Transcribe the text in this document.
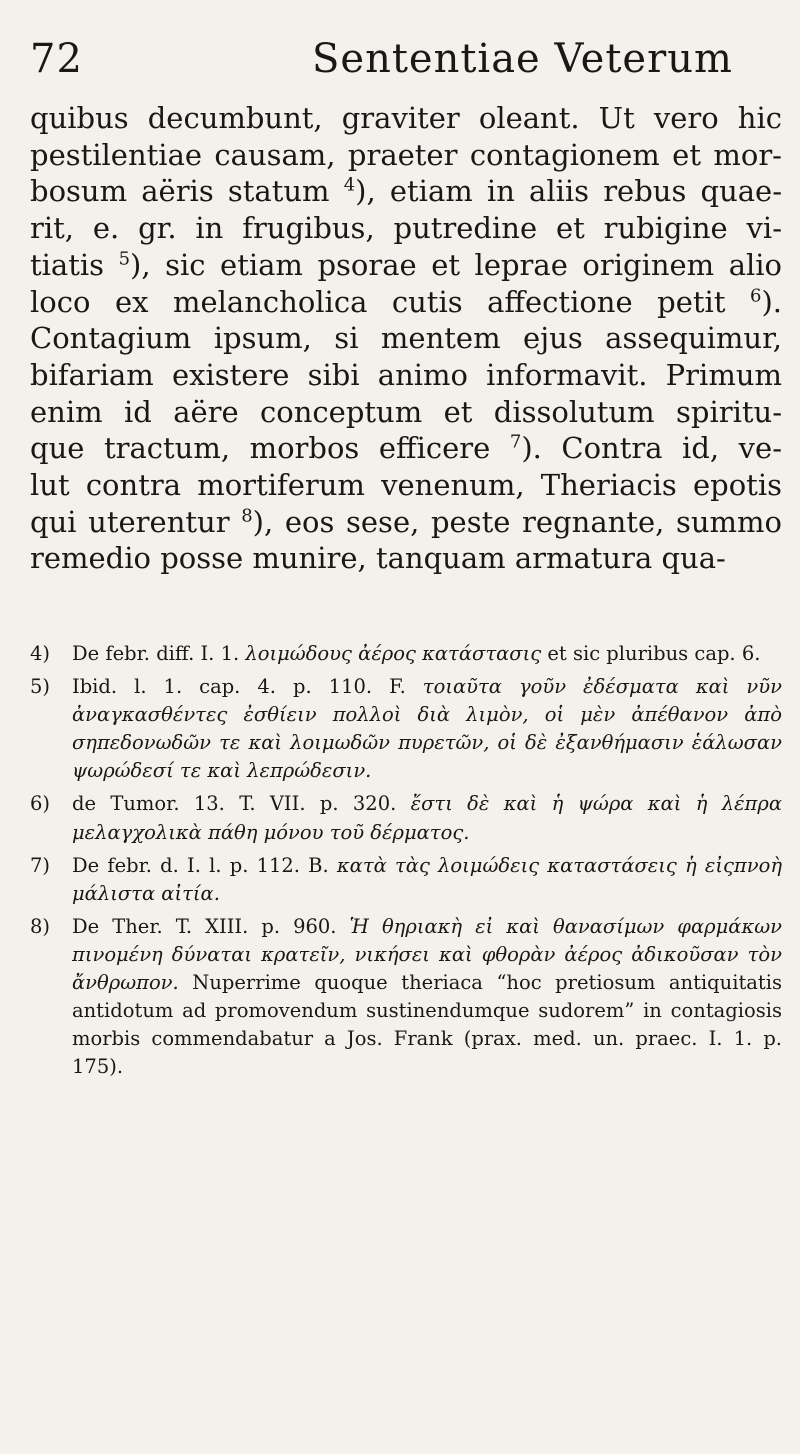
72	Sententiae Veterum
quibus decumbunt, graviter oleant. Ut vero hic
pestilentiae causam, praeter contagionem et mor-
bosum aëris statum $^4$), etiam in aliis rebus quae-
rit, e. gr. in frugibus, putredine et rubigine vi-
tiatis $^5$), sic etiam psorae et leprae originem alio
loco ex melancholica cutis affectione petit $^6$).
Contagium ipsum, si mentem ejus assequimur,
bifariam existere sibi animo informavit. Primum
enim id aëre conceptum et dissolutum spiritu-
que tractum, morbos efficere $^7$). Contra id, ve-
lut contra mortiferum venenum, Theriacis epotis
qui uterentur $^8$), eos sese, peste regnante, summo
remedio posse munire, tanquam armatura qua-
4) De febr. diff. I. 1. λοιμώδους ἀέρος κατάστασις et sic pluribus cap. 6.
5) Ibid. l. 1. cap. 4. p. 110. F. τοιαῦτα γοῦν ἐδέσματα καὶ νῦν ἀναγκασθέντες ἐσθίειν πολλοὶ διὰ λιμὸν, οἱ μὲν ἀπέθανον ἀπὸ σηπεδονωδῶν τε καὶ λοιμωδῶν πυρετῶν, οἱ δὲ ἐξανθήμασιν ἑάλωσαν ψωρώδεσί τε καὶ λεπρώδεσιν.
6) de Tumor. 13. T. VII. p. 320. ἔστι δὲ καὶ ἡ ψώρα καὶ ἡ λέπρα μελαγχολικὰ πάθη μόνου τοῦ δέρματος.
7) De febr. d. I. l. p. 112. B. κατὰ τὰς λοιμώδεις καταστάσεις ἡ εἰςπνοὴ μάλιστα αἰτία.
8) De Ther. T. XIII. p. 960. Ἡ θηριακὴ εἰ καὶ θανασίμων φαρμάκων πινομένη δύναται κρατεῖν, νικήσει καὶ φθορὰν ἀέρος ἀδικοῦσαν τὸν ἄνθρωπον. Nuperrime quoque theriaca “hoc pretiosum antiquitatis antidotum ad promovendum sustinendumque sudorem” in contagiosis morbis commendabatur a Jos. Frank (prax. med. un. praec. I. 1. p. 175).
